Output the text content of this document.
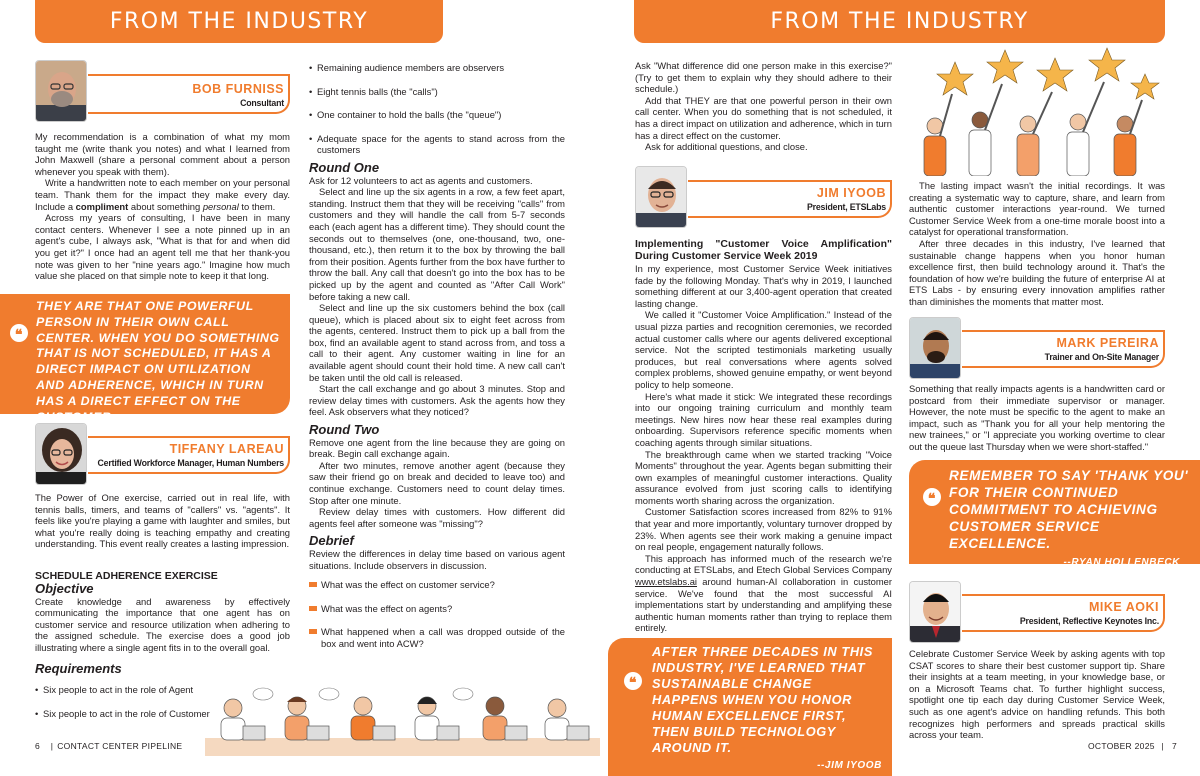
FROM THE INDUSTRY	FROM THE INDUSTRY
BOB FURNISS
Consultant

My recommendation is a combination of what my mom taught me (write thank you notes) and what I learned from John Maxwell (share a personal comment about a person whenever you speak with them).

Write a handwritten note to each member on your personal team. Thank them for the impact they make every day. Include a compliment about something personal to them.

Across my years of consulting, I have been in many contact centers. Whenever I see a note pinned up in an agent's cube, I always ask, "What is that for and when did you get it?" I once had an agent tell me that her thank-you note was given to her "nine years ago." Imagine how much value she placed on that simple note to keep it that long.

❝
THEY ARE THAT ONE POWERFUL PERSON IN THEIR OWN CALL CENTER. WHEN YOU DO SOMETHING THAT IS NOT SCHEDULED, IT HAS A DIRECT IMPACT ON UTILIZATION AND ADHERENCE, WHICH IN TURN HAS A DIRECT EFFECT ON THE CUSTOMER.
--TIFFANY LAREAU
TIFFANY LAREAU
Certified Workforce Manager, Human Numbers

The Power of One exercise, carried out in real life, with tennis balls, timers, and teams of "callers" vs. "agents". It feels like you're playing a game with laughter and smiles, but what you're really doing is teaching empathy and creating understanding. This event really creates a lasting impression.

SCHEDULE ADHERENCE EXERCISE
Objective

Create knowledge and awareness by effectively communicating the importance that one agent has on customer service and resource utilization when adhering to the assigned schedule. The exercise does a good job illustrating where a single agent fits in to the overall goal.

Requirements
• Six people to act in the role of Agent
• Six people to act in the role of Customer
• Remaining audience members are observers
• Eight tennis balls (the "calls")
• One container to hold the balls (the "queue")
• Adequate space for the agents to stand across from the customers
Round One

Ask for 12 volunteers to act as agents and customers.

Select and line up the six agents in a row, a few feet apart, standing. Instruct them that they will be receiving "calls" from customers and they will handle the call from 5-7 seconds each (each agent has a different time). They should count the seconds out to themselves (one, one-thousand, two, one-thousand, etc.), then return it to the box by throwing the ball from their position. Agents further from the box have further to throw the ball. Any call that doesn't go into the box has to be picked up by the agent and counted as "After Call Work" before taking a new call.

Select and line up the six customers behind the box (call queue), which is placed about six to eight feet across from the agents, centered. Instruct them to pick up a ball from the box, find an available agent to stand across from, and toss a call to their agent. Any customer waiting in line for an available agent should count their hold time. A new call can't be taken until the old call is released.

Start the call exchange and go about 3 minutes. Stop and review delay times with customers. Ask the agents how they feel. Ask observers what they noticed?

Round Two

Remove one agent from the line because they are going on break. Begin call exchange again.

After two minutes, remove another agent (because they saw their friend go on break and decided to leave too) and continue exchange. Customers need to count delay times. Stop after one minute.

Review delay times with customers. How different did agents feel after someone was "missing"?

Debrief

Review the differences in delay time based on various agent situations. Include observers in discussion.

What was the effect on customer service?
What was the effect on agents?
What happened when a call was dropped outside of the box and went into ACW?
6 | CONTACT CENTER PIPELINE

Ask "What difference did one person make in this exercise?" (Try to get them to explain why they should adhere to their schedule.)

Add that THEY are that one powerful person in their own call center. When you do something that is not scheduled, it has a direct impact on utilization and adherence, which in turn has a direct effect on the customer.

Ask for additional questions, and close.

JIM IYOOB
President, ETSLabs
Implementing "Customer Voice Amplification" During Customer Service Week 2019

In my experience, most Customer Service Week initiatives fade by the following Monday. That's why in 2019, I launched something different at our 3,400-agent operation that created lasting change.

We called it "Customer Voice Amplification." Instead of the usual pizza parties and recognition ceremonies, we recorded actual customer calls where our agents delivered exceptional service. Not the scripted testimonials marketing usually produces, but real conversations where agents solved complex problems, showed genuine empathy, or went beyond policy to help someone.

Here's what made it stick: We integrated these recordings into our ongoing training curriculum and monthly team meetings. New hires now hear these real examples during onboarding. Supervisors reference specific moments when coaching agents through similar situations.

The breakthrough came when we started tracking "Voice Moments" throughout the year. Agents began submitting their own examples of meaningful customer interactions. Quality assurance evolved from just scoring calls to identifying moments worth sharing across the organization.

Customer Satisfaction scores increased from 82% to 91% that year and more importantly, voluntary turnover dropped by 23%. When agents see their work making a genuine impact on real people, engagement naturally follows.

This approach has informed much of the research we're conducting at ETSLabs, and Etech Global Services Company www.etslabs.ai around human-AI collaboration in customer service. We've found that the most successful AI implementations start by understanding and amplifying these authentic human moments rather than trying to replace them entirely.

❝
AFTER THREE DECADES IN THIS INDUSTRY, I'VE LEARNED THAT SUSTAINABLE CHANGE HAPPENS WHEN YOU HONOR HUMAN EXCELLENCE FIRST, THEN BUILD TECHNOLOGY AROUND IT.
--JIM IYOOB

The lasting impact wasn't the initial recordings. It was creating a systematic way to capture, share, and learn from authentic customer interactions year-round. We turned Customer Service Week from a one-time morale boost into a catalyst for operational transformation.

After three decades in this industry, I've learned that sustainable change happens when you honor human excellence first, then build technology around it. That's the foundation of how we're building the future of enterprise AI at ETS Labs - by ensuring every innovation amplifies rather than diminishes the moments that matter most.

MARK PEREIRA
Trainer and On-Site Manager

Something that really impacts agents is a handwritten card or postcard from their immediate supervisor or manager. However, the note must be specific to the agent to make an impact, such as "Thank you for all your help mentoring the new trainees," or "I appreciate you working overtime to clear out the queue last Thursday when we were short-staffed."

❝
REMEMBER TO SAY 'THANK YOU' FOR THEIR CONTINUED COMMITMENT TO ACHIEVING CUSTOMER SERVICE EXCELLENCE.
--RYAN HOLLENBECK
MIKE AOKI
President, Reflective Keynotes Inc.

Celebrate Customer Service Week by asking agents with top CSAT scores to share their best customer support tip. Share their insights at a team meeting, in your knowledge base, or on a Microsoft Teams chat. To further highlight success, spotlight one tip each day during Customer Service Week, such as one agent's advice on handling refunds. This both recognizes high performers and spreads practical skills across your team.

OCTOBER 2025 | 7
